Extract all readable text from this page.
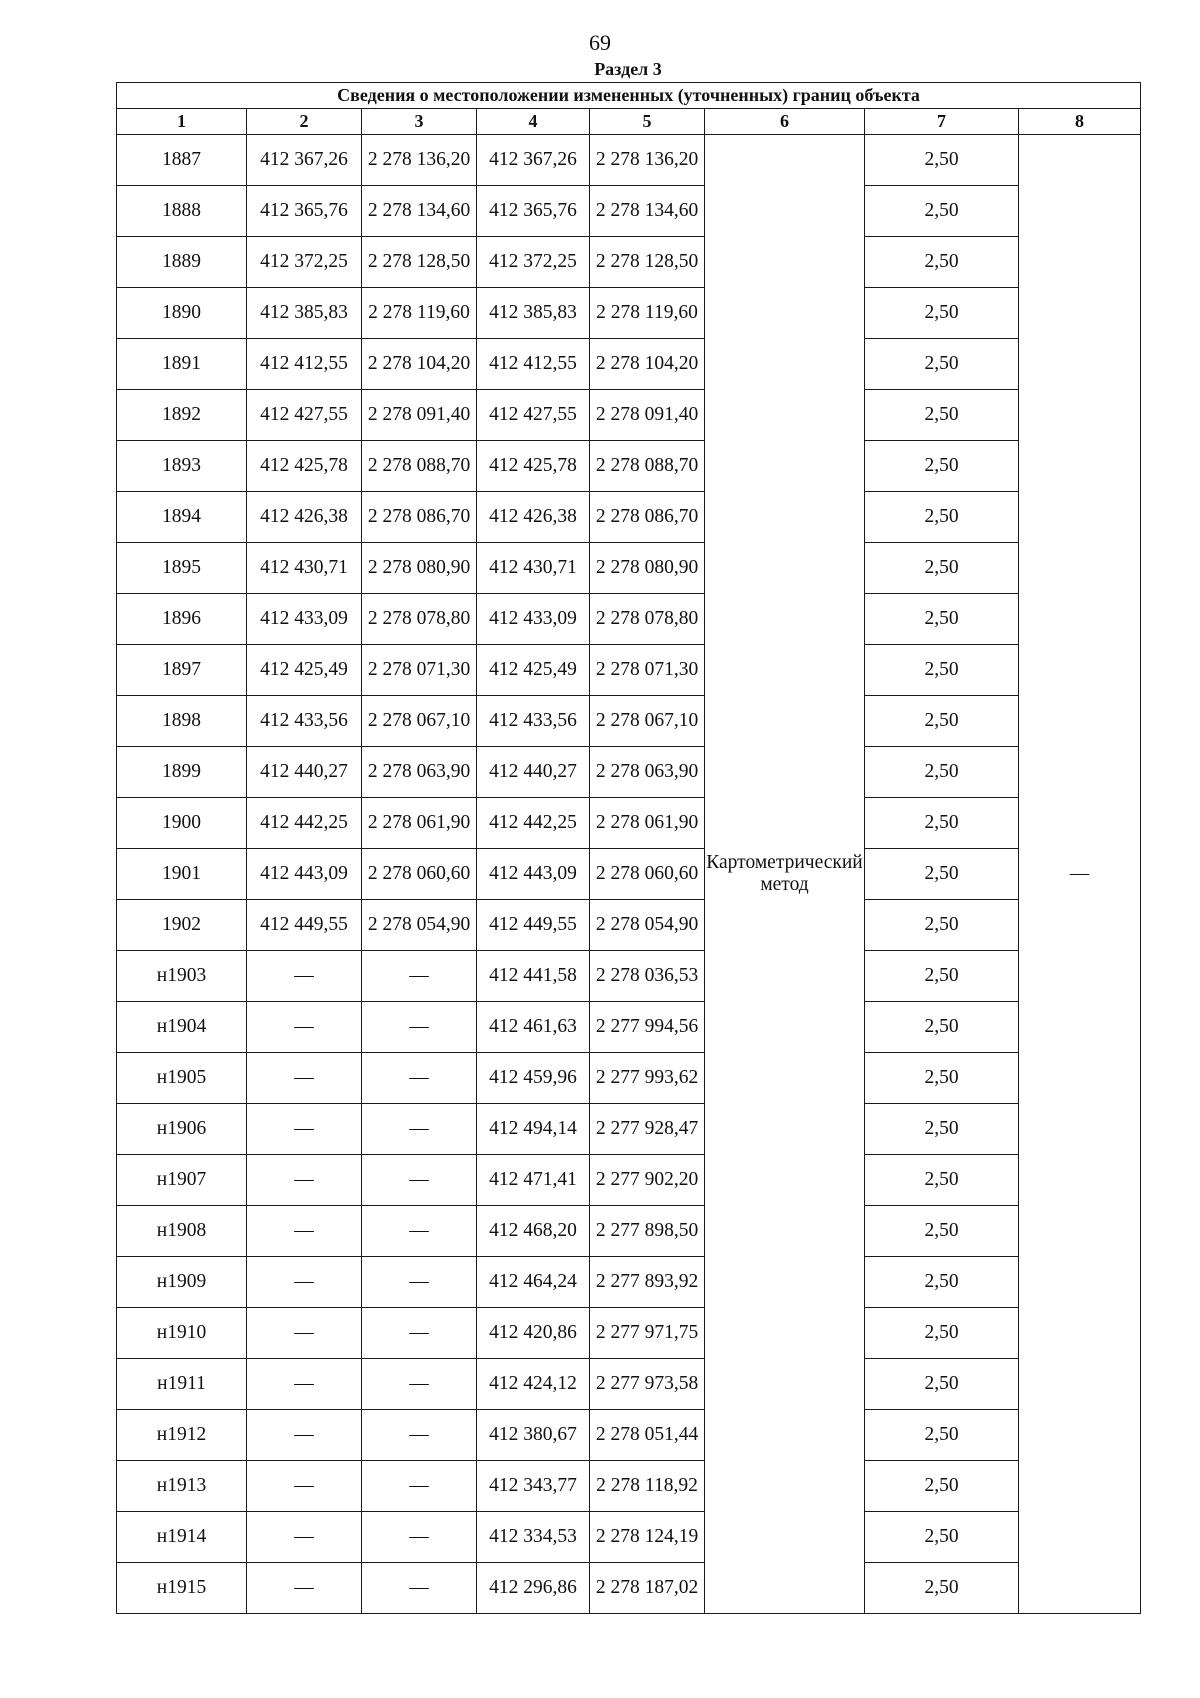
69
Раздел 3
Сведения о местоположении измененных (уточненных) границ объекта							
1	2	3	4	5	6	7	8
1887	412 367,26	2 278 136,20	412 367,26	2 278 136,20	Картометрический метод	2,50	—
1888	412 365,76	2 278 134,60	412 365,76	2 278 134,60		2,50	
1889	412 372,25	2 278 128,50	412 372,25	2 278 128,50		2,50	
1890	412 385,83	2 278 119,60	412 385,83	2 278 119,60		2,50	
1891	412 412,55	2 278 104,20	412 412,55	2 278 104,20		2,50	
1892	412 427,55	2 278 091,40	412 427,55	2 278 091,40		2,50	
1893	412 425,78	2 278 088,70	412 425,78	2 278 088,70		2,50	
1894	412 426,38	2 278 086,70	412 426,38	2 278 086,70		2,50	
1895	412 430,71	2 278 080,90	412 430,71	2 278 080,90		2,50	
1896	412 433,09	2 278 078,80	412 433,09	2 278 078,80		2,50	
1897	412 425,49	2 278 071,30	412 425,49	2 278 071,30		2,50	
1898	412 433,56	2 278 067,10	412 433,56	2 278 067,10		2,50	
1899	412 440,27	2 278 063,90	412 440,27	2 278 063,90		2,50	
1900	412 442,25	2 278 061,90	412 442,25	2 278 061,90		2,50	
1901	412 443,09	2 278 060,60	412 443,09	2 278 060,60		2,50	
1902	412 449,55	2 278 054,90	412 449,55	2 278 054,90		2,50	
н1903	—	—	412 441,58	2 278 036,53		2,50	
н1904	—	—	412 461,63	2 277 994,56		2,50	
н1905	—	—	412 459,96	2 277 993,62		2,50	
н1906	—	—	412 494,14	2 277 928,47		2,50	
н1907	—	—	412 471,41	2 277 902,20		2,50	
н1908	—	—	412 468,20	2 277 898,50		2,50	
н1909	—	—	412 464,24	2 277 893,92		2,50	
н1910	—	—	412 420,86	2 277 971,75		2,50	
н1911	—	—	412 424,12	2 277 973,58		2,50	
н1912	—	—	412 380,67	2 278 051,44		2,50	
н1913	—	—	412 343,77	2 278 118,92		2,50	
н1914	—	—	412 334,53	2 278 124,19		2,50	
н1915	—	—	412 296,86	2 278 187,02		2,50	
